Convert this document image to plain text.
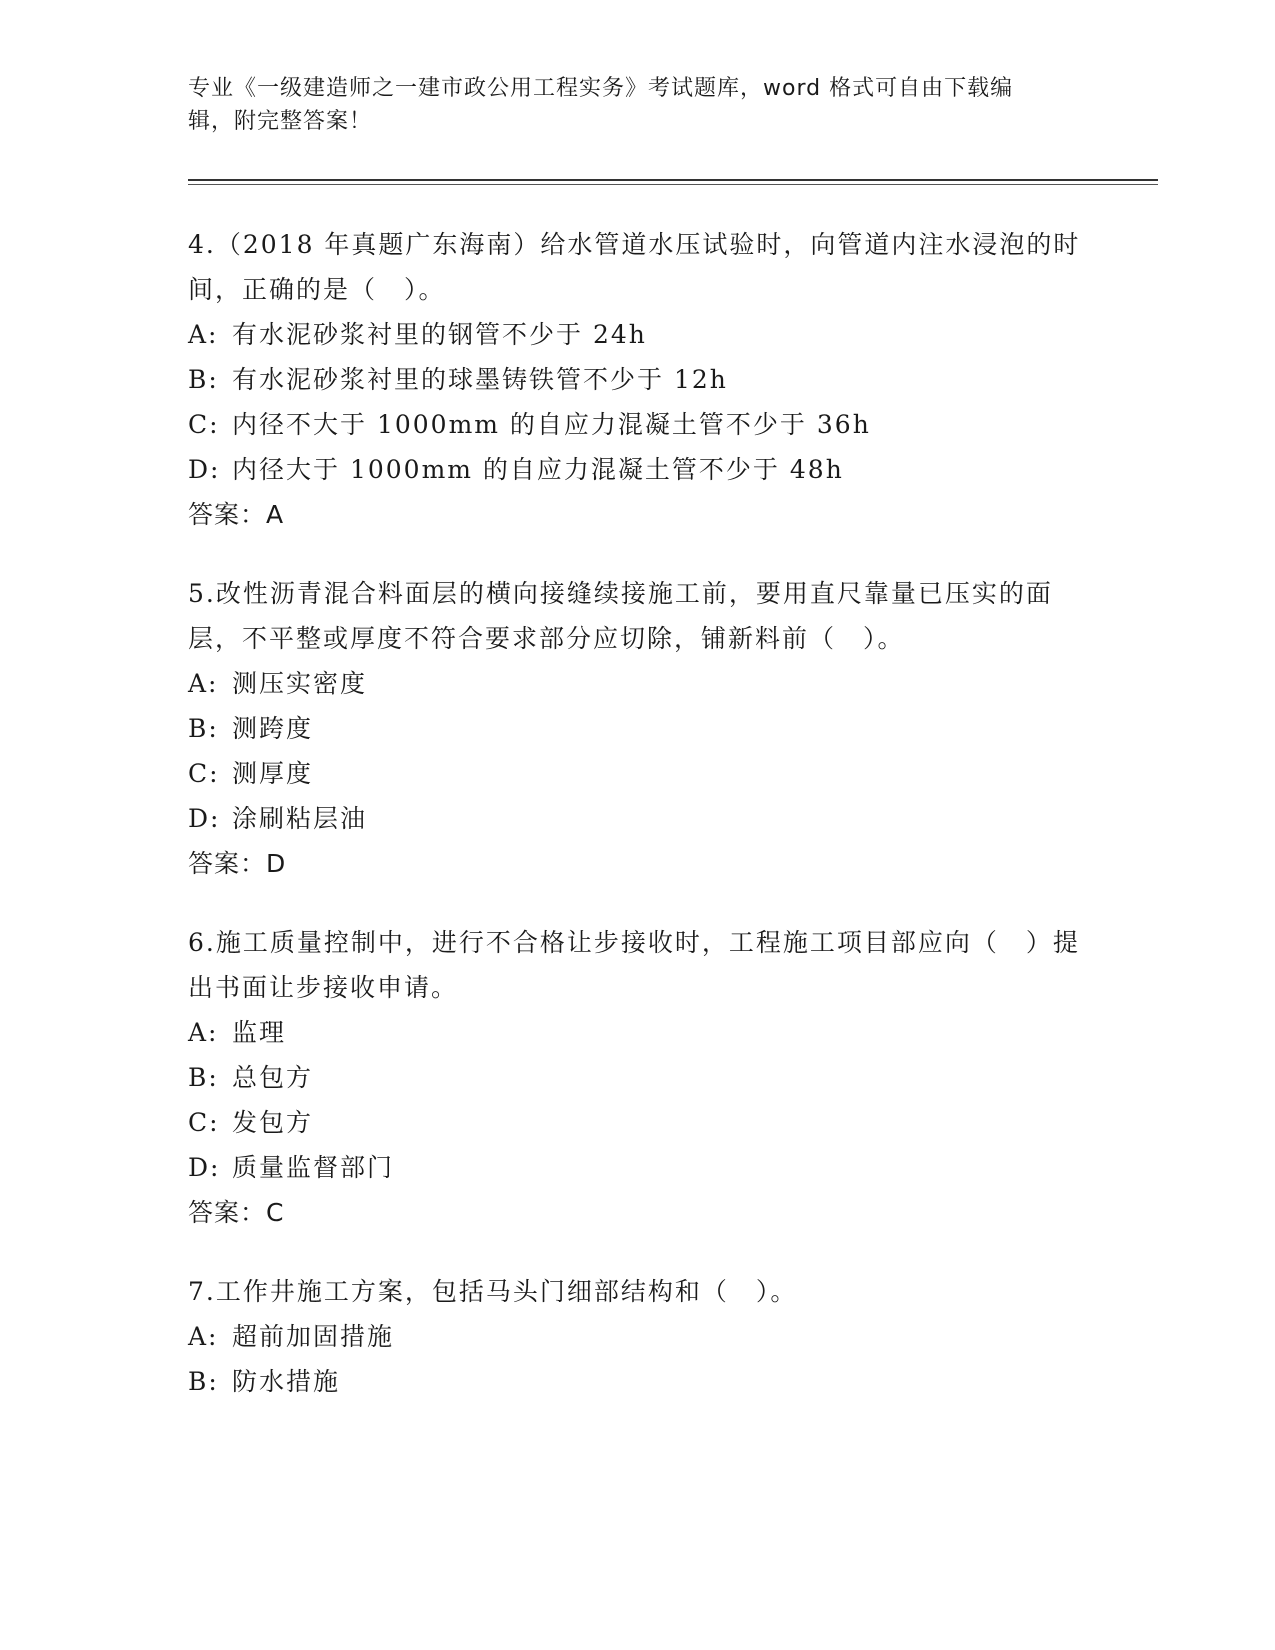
专业《一级建造师之一建市政公用工程实务》考试题库，word 格式可自由下载编
辑，附完整答案！
4.（2018 年真题广东海南）给水管道水压试验时，向管道内注水浸泡的时间，正确的是（　）。
A: 有水泥砂浆衬里的钢管不少于 24h
B: 有水泥砂浆衬里的球墨铸铁管不少于 12h
C: 内径不大于 1000mm 的自应力混凝土管不少于 36h
D: 内径大于 1000mm 的自应力混凝土管不少于 48h
答案：A
5.改性沥青混合料面层的横向接缝续接施工前，要用直尺靠量已压实的面层，不平整或厚度不符合要求部分应切除，铺新料前（　）。
A: 测压实密度
B: 测跨度
C: 测厚度
D: 涂刷粘层油
答案：D
6.施工质量控制中，进行不合格让步接收时，工程施工项目部应向（　）提出书面让步接收申请。
A: 监理
B: 总包方
C: 发包方
D: 质量监督部门
答案：C
7.工作井施工方案，包括马头门细部结构和（　）。
A: 超前加固措施
B: 防水措施
